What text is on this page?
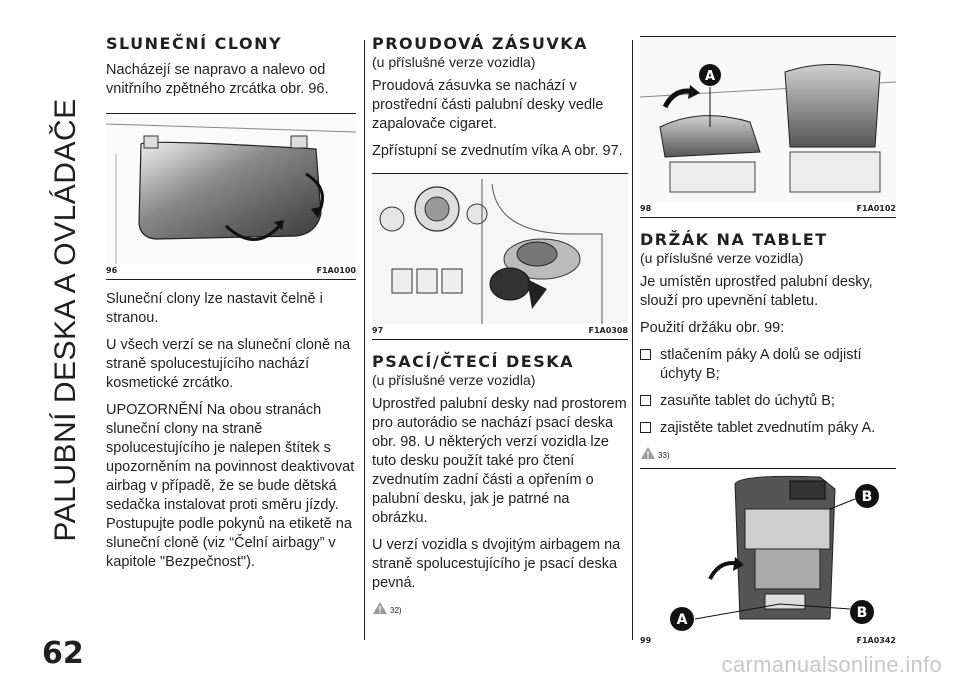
PALUBNÍ DESKA A OVLÁDAČE
62
SLUNEČNÍ CLONY

Nacházejí se napravo a nalevo od vnitřního zpětného zrcátka obr. 96.

96	F1A0100

Sluneční clony lze nastavit čelně i stranou.

U všech verzí se na sluneční cloně na straně spolucestujícího nachází kosmetické zrcátko.

UPOZORNĚNÍ Na obou stranách sluneční clony na straně spolucestujícího je nalepen štítek s upozorněním na povinnost deaktivovat airbag v případě, že se bude dětská sedačka instalovat proti směru jízdy. Postupujte podle pokynů na etiketě na sluneční cloně (viz “Čelní airbagy” v kapitole "Bezpečnost").

PROUDOVÁ ZÁSUVKA
(u příslušné verze vozidla)

Proudová zásuvka se nachází v prostřední části palubní desky vedle zapalovače cigaret.

Zpřístupní se zvednutím víka A obr. 97.

97	F1A0308
PSACÍ/ČTECÍ DESKA
(u příslušné verze vozidla)

Uprostřed palubní desky nad prostorem pro autorádio se nachází psací deska obr. 98. U některých verzí vozidla lze tuto desku použít také pro čtení zvednutím zadní části a opřením o palubní desku, jak je patrné na obrázku.

U verzí vozidla s dvojitým airbagem na straně spolucestujícího je psací deska pevná.

32)
A
98	F1A0102
DRŽÁK NA TABLET
(u příslušné verze vozidla)

Je umístěn uprostřed palubní desky, slouží pro upevnění tabletu.

Použití držáku obr. 99:

stlačením páky A dolů se odjistí úchyty B;
zasuňte tablet do úchytů B;
zajistěte tablet zvednutím páky A.
33)
B
A	B
99	F1A0342
carmanualsonline.info
